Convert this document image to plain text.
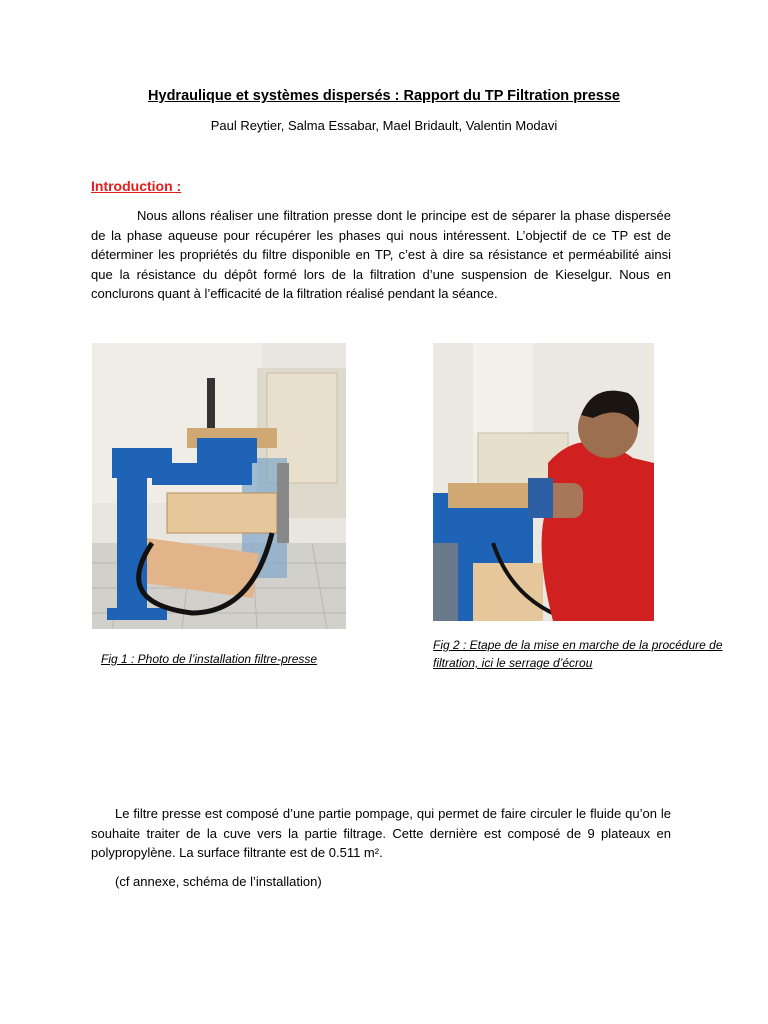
Hydraulique et systèmes dispersés : Rapport du TP Filtration presse
Paul Reytier, Salma Essabar, Mael Bridault, Valentin Modavi
Introduction :
Nous allons réaliser une filtration presse dont le principe est de séparer la phase dispersée de la phase aqueuse pour récupérer les phases qui nous intéressent. L’objectif de ce TP est de déterminer les propriétés du filtre disponible en TP, c’est à dire sa résistance et perméabilité ainsi que la résistance du dépôt formé lors de la filtration d’une suspension de Kieselgur. Nous en conclurons quant à l’efficacité de la filtration réalisé pendant la séance.
Fig 1 : Photo de l’installation filtre-presse
Fig 2 : Etape de la mise en marche de la procédure de filtration, ici le serrage d’écrou
Le filtre presse est composé d’une partie pompage, qui permet de faire circuler le fluide qu’on le souhaite traiter de la cuve vers la partie filtrage. Cette dernière est composé de 9 plateaux en polypropylène. La surface filtrante est de 0.511 m².
(cf annexe, schéma de l’installation)
